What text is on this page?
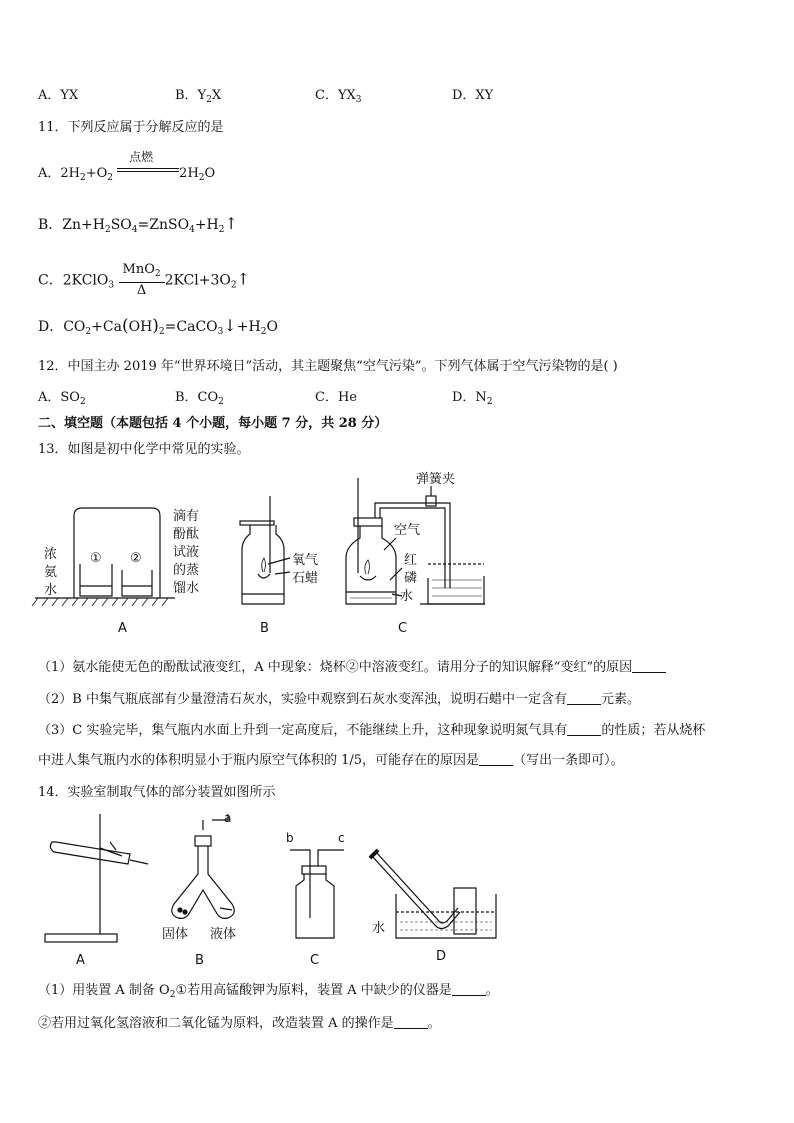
A．YX	B．$Y_2X$	C．$YX_3$	D．XY
11．下列反应属于分解反应的是
A．$2H_2+O_2$
点燃
$2H_2O$
B．$Zn+H_2SO_4=ZnSO_4+H_2↑$
C．2KClO$_3$ $\frac{MnO_2}{\Delta}$ $2KCl+3O_2↑$
D．$CO_2+Ca(OH)_2=CaCO_3↓+H_2O$
12．中国主办 2019 年“世界环境日”活动，其主题聚焦“空气污染”。下列气体属于空气污染物的是( )
A．$SO_2$	B．$CO_2$	C．He	D．$N_2$
二、填空题（本题包括 4 个小题，每小题 7 分，共 28 分）
13．如图是初中化学中常见的实验。
① ②
浓
氨
水
滴有
酚酞
试液
的蒸
馏水
A
氧气
石蜡
B
弹簧夹
空气
红
磷
水
C
（1）氨水能使无色的酚酞试液变红，A 中现象：烧杯②中溶液变红。请用分子的知识解释“变红”的原因
（2）B 中集气瓶底部有少量澄清石灰水，实验中观察到石灰水变浑浊，说明石蜡中一定含有	元素。
（3）C 实验完毕，集气瓶内水面上升到一定高度后，不能继续上升，这种现象说明氮气具有	的性质；若从烧杯
中进人集气瓶内水的体积明显小于瓶内原空气体积的 1/5，可能存在的原因是	（写出一条即可）。
14．实验室制取气体的部分装置如图所示
A
a
固体 液体
B
b	c
C
水
D
（1）用装置 A 制备 $O_2①$若用高锰酸钾为原料，装置 A 中缺少的仪器是	。
②若用过氧化氢溶液和二氧化锰为原料，改造装置 A 的操作是	。
